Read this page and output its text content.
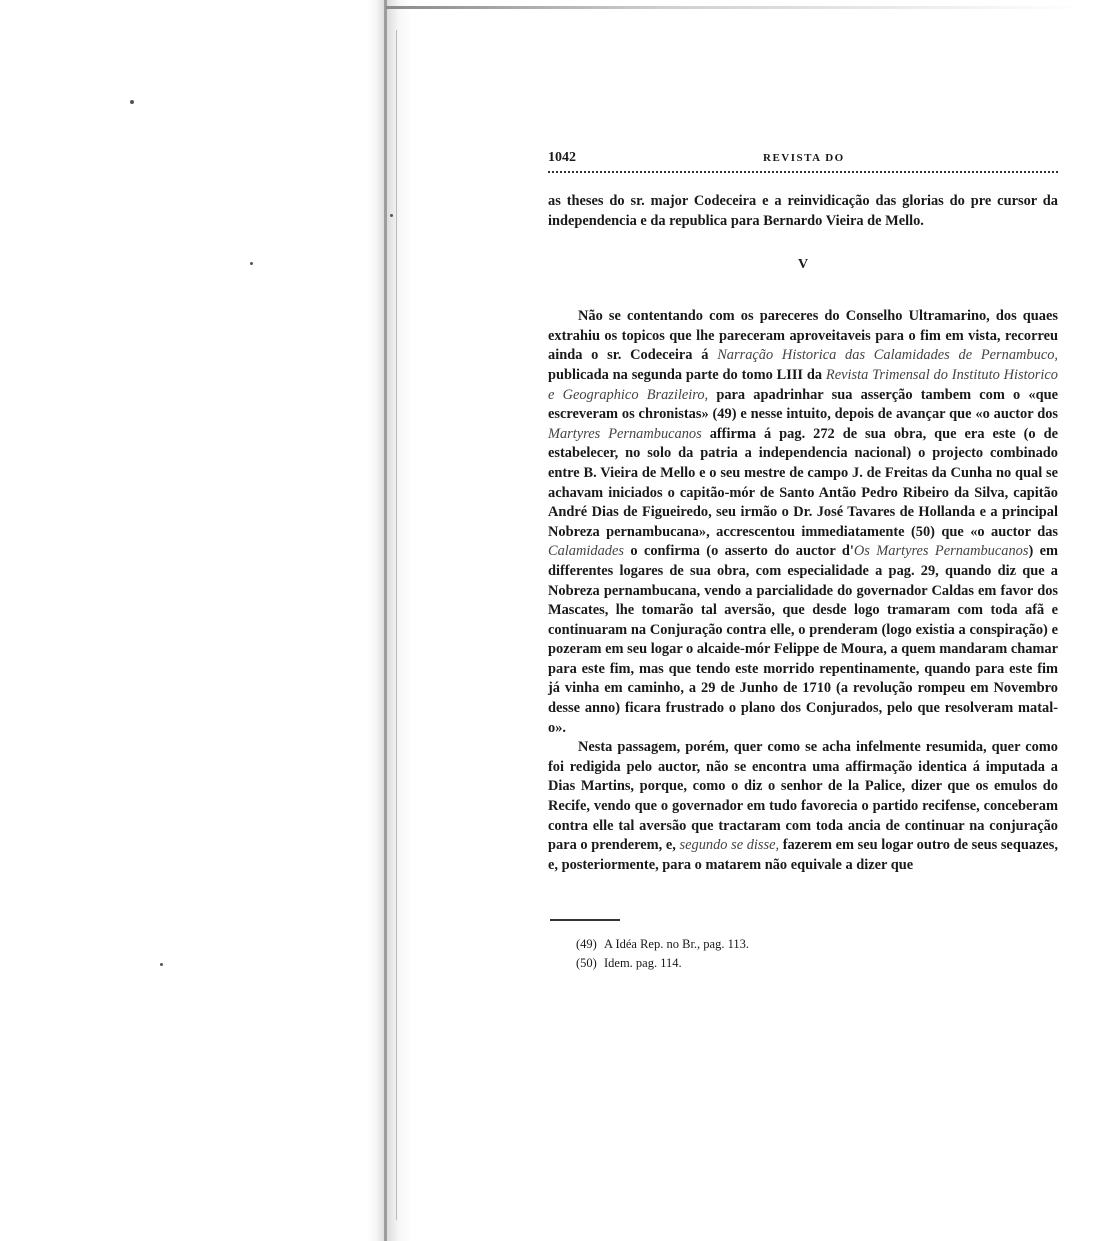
1042	REVISTA DO

as theses do sr. major Codeceira e a reinvidicação das glorias do pre cursor da independencia e da republica para Bernardo Vieira de Mello.

V

Não se contentando com os pareceres do Conselho Ultramarino, dos quaes extrahiu os topicos que lhe pareceram aproveitaveis para o fim em vista, recorreu ainda o sr. Codeceira á Narração Historica das Calamidades de Pernambuco, publicada na segunda parte do tomo LIII da Revista Trimensal do Instituto Historico e Geographico Brazileiro, para apadrinhar sua asserção tambem com o «que escreveram os chronistas» (49) e nesse intuito, depois de avançar que «o auctor dos Martyres Pernambucanos affirma á pag. 272 de sua obra, que era este (o de estabelecer, no solo da patria a independencia nacional) o projecto combinado entre B. Vieira de Mello e o seu mestre de campo J. de Freitas da Cunha no qual se achavam iniciados o capitão-mór de Santo Antão Pedro Ribeiro da Silva, capitão André Dias de Figueiredo, seu irmão o Dr. José Tavares de Hollanda e a principal Nobreza pernambucana», accrescentou immediatamente (50) que «o auctor das Calamidades o confirma (o asserto do auctor d'Os Martyres Pernambucanos) em differentes logares de sua obra, com especialidade a pag. 29, quando diz que a Nobreza pernambucana, vendo a parcialidade do governador Caldas em favor dos Mascates, lhe tomarão tal aversão, que desde logo tramaram com toda afã e continuaram na Conjuração contra elle, o prenderam (logo existia a conspiração) e pozeram em seu logar o alcaide-mór Felippe de Moura, a quem mandaram chamar para este fim, mas que tendo este morrido repentinamente, quando para este fim já vinha em caminho, a 29 de Junho de 1710 (a revolução rompeu em Novembro desse anno) ficara frustrado o plano dos Conjurados, pelo que resolveram matal-o».

Nesta passagem, porém, quer como se acha infelmente resumida, quer como foi redigida pelo auctor, não se encontra uma affirmação identica á imputada a Dias Martins, porque, como o diz o senhor de la Palice, dizer que os emulos do Recife, vendo que o governador em tudo favorecia o partido recifense, conceberam contra elle tal aversão que tractaram com toda ancia de continuar na conjuração para o prenderem, e, segundo se disse, fazerem em seu logar outro de seus sequazes, e, posteriormente, para o matarem não equivale a dizer que

(49) A Idéa Rep. no Br., pag. 113.
(50) Idem. pag. 114.
